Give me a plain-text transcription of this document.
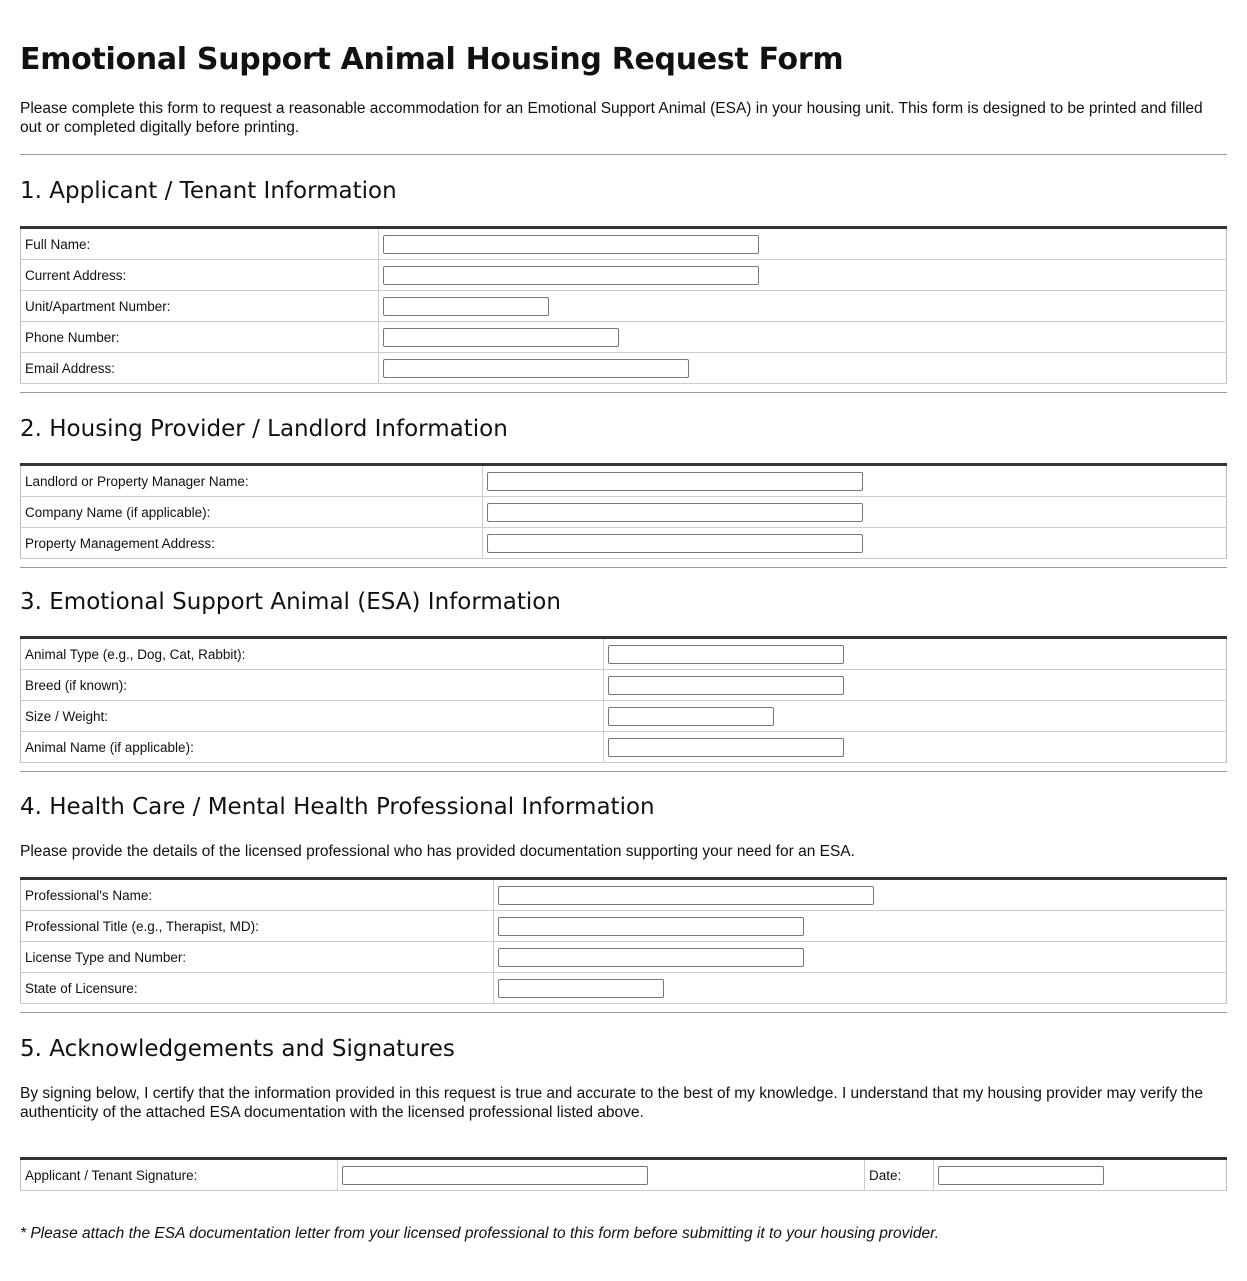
Emotional Support Animal Housing Request Form

Please complete this form to request a reasonable accommodation for an Emotional Support Animal (ESA) in your housing unit. This form is designed to be printed and filled out or completed digitally before printing.

1. Applicant / Tenant Information
Full Name:	

Current Address:	

Unit/Apartment Number:	

Phone Number:	

Email Address:	
2. Housing Provider / Landlord Information
Landlord or Property Manager Name:	

Company Name (if applicable):	

Property Management Address:	
3. Emotional Support Animal (ESA) Information
Animal Type (e.g., Dog, Cat, Rabbit):	

Breed (if known):	

Size / Weight:	

Animal Name (if applicable):	
4. Health Care / Mental Health Professional Information

Please provide the details of the licensed professional who has provided documentation supporting your need for an ESA.

Professional's Name:	

Professional Title (e.g., Therapist, MD):	

License Type and Number:	

State of Licensure:	
5. Acknowledgements and Signatures

By signing below, I certify that the information provided in this request is true and accurate to the best of my knowledge. I understand that my housing provider may verify the authenticity of the attached ESA documentation with the licensed professional listed above.

Applicant / Tenant Signature:		Date:	

* Please attach the ESA documentation letter from your licensed professional to this form before submitting it to your housing provider.
